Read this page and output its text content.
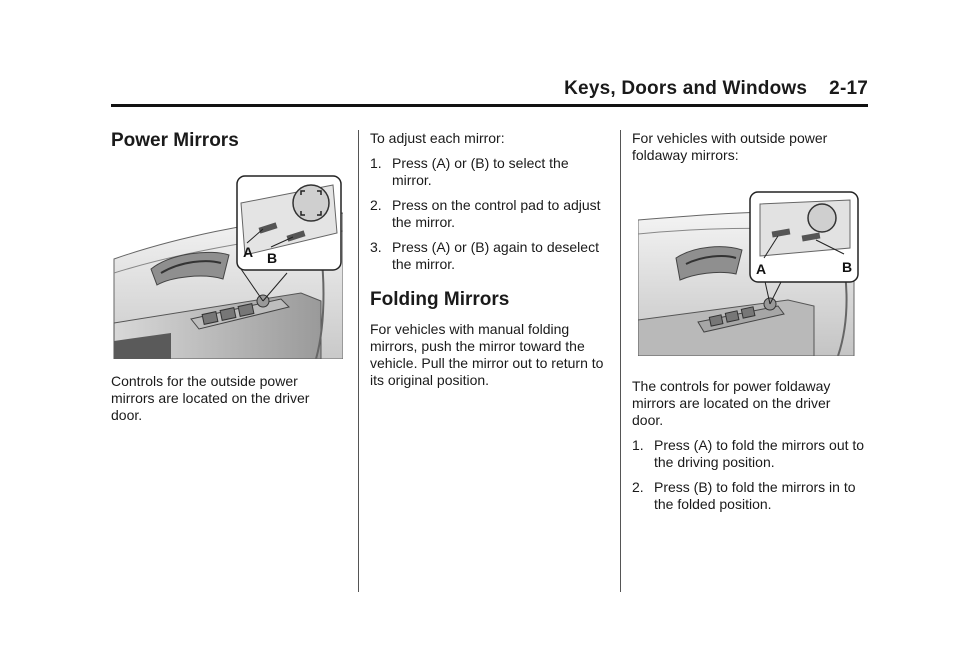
Keys, Doors and Windows 2-17
Power Mirrors
A B

Controls for the outside power mirrors are located on the driver door.

To adjust each mirror:

1. Press (A) or (B) to select the mirror.
2. Press on the control pad to adjust the mirror.
3. Press (A) or (B) again to deselect the mirror.
Folding Mirrors

For vehicles with manual folding mirrors, push the mirror toward the vehicle. Pull the mirror out to return to its original position.

For vehicles with outside power foldaway mirrors:

A	B

The controls for power foldaway mirrors are located on the driver door.

1. Press (A) to fold the mirrors out to the driving position.
2. Press (B) to fold the mirrors in to the folded position.
